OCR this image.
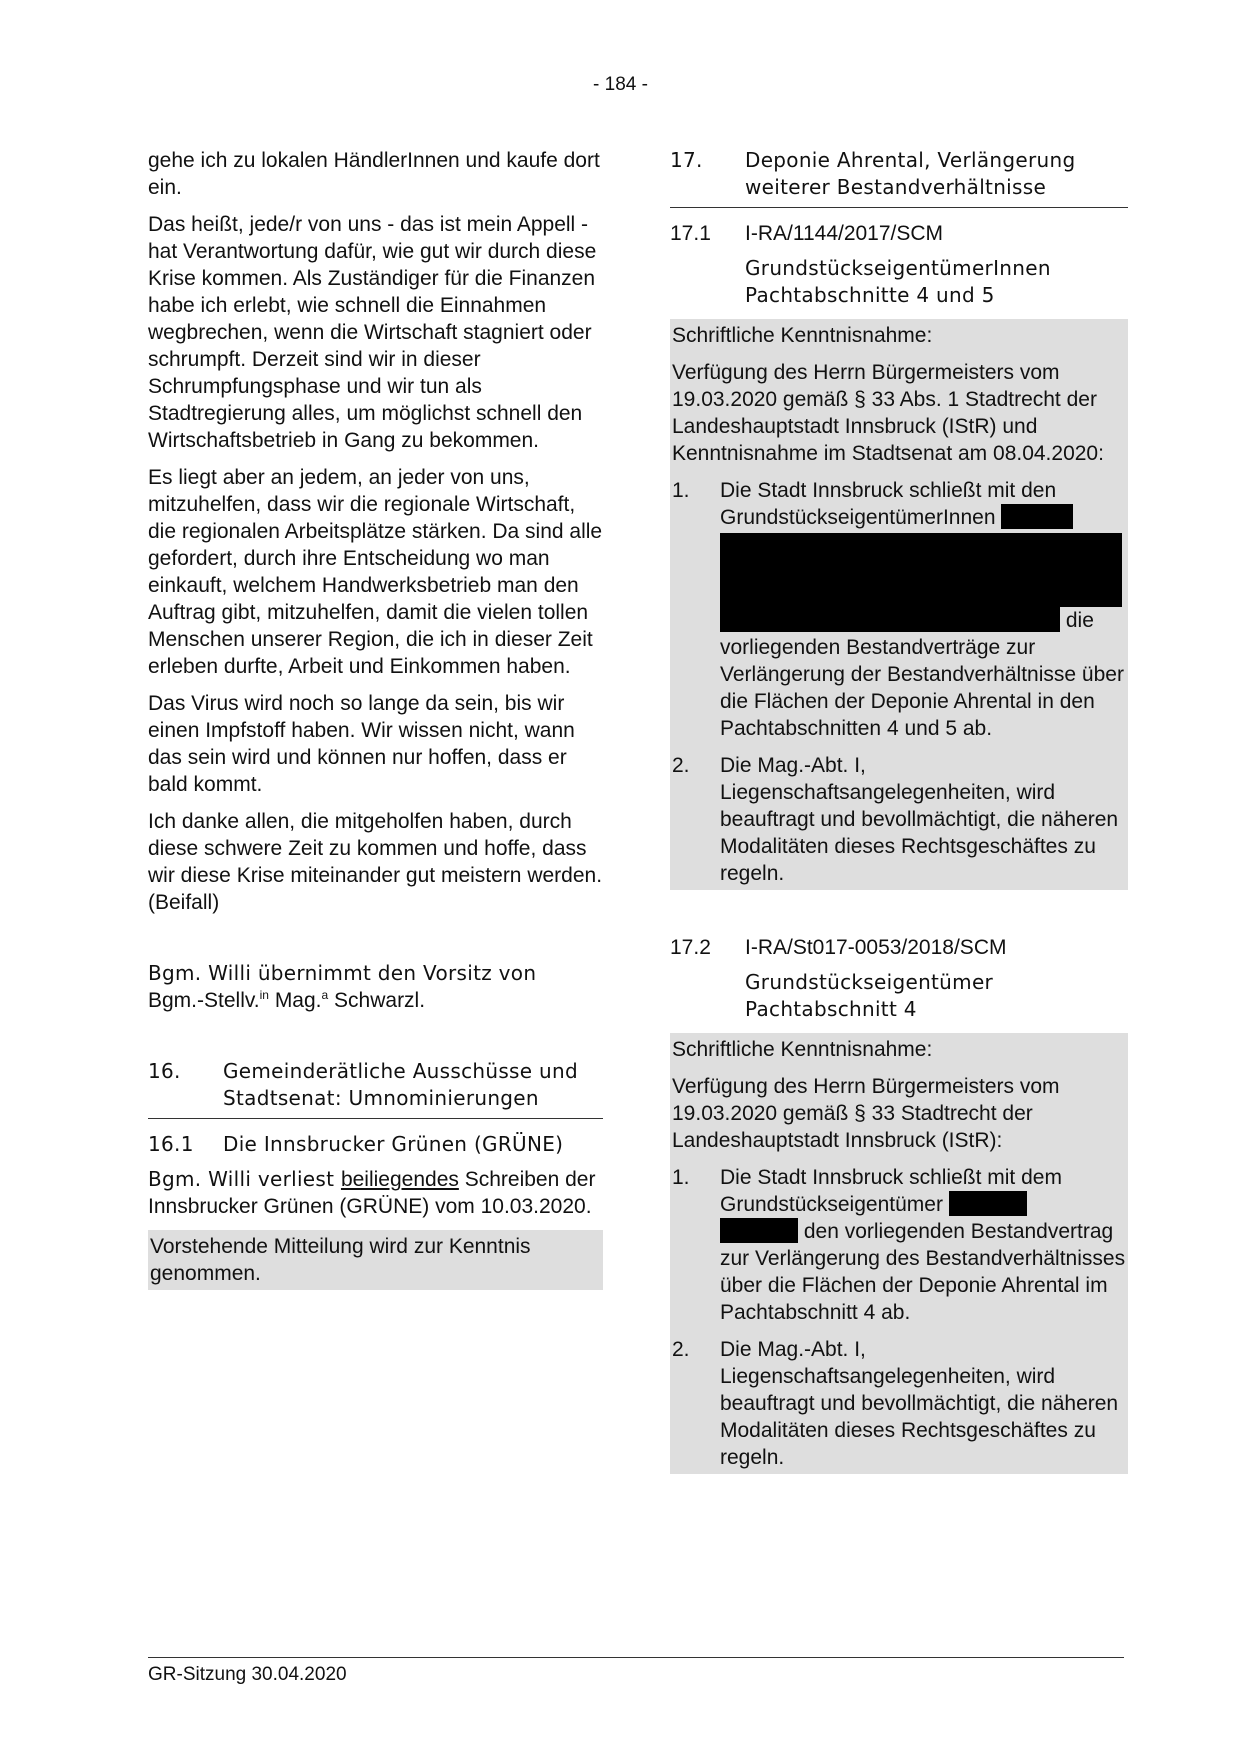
- 184 -

gehe ich zu lokalen HändlerInnen und kaufe dort ein.

Das heißt, jede/r von uns - das ist mein Appell - hat Verantwortung dafür, wie gut wir durch diese Krise kommen. Als Zuständiger für die Finanzen habe ich erlebt, wie schnell die Einnahmen wegbrechen, wenn die Wirtschaft stagniert oder schrumpft. Derzeit sind wir in dieser Schrumpfungsphase und wir tun als Stadtregierung alles, um möglichst schnell den Wirtschaftsbetrieb in Gang zu bekommen.

Es liegt aber an jedem, an jeder von uns, mitzuhelfen, dass wir die regionale Wirtschaft, die regionalen Arbeitsplätze stärken. Da sind alle gefordert, durch ihre Entscheidung wo man einkauft, welchem Handwerksbetrieb man den Auftrag gibt, mitzuhelfen, damit die vielen tollen Menschen unserer Region, die ich in dieser Zeit erleben durfte, Arbeit und Einkommen haben.

Das Virus wird noch so lange da sein, bis wir einen Impfstoff haben. Wir wissen nicht, wann das sein wird und können nur hoffen, dass er bald kommt.

Ich danke allen, die mitgeholfen haben, durch diese schwere Zeit zu kommen und hoffe, dass wir diese Krise miteinander gut meistern werden. (Beifall)

Bgm. Willi übernimmt den Vorsitz von
Bgm.-Stellv.$^{in}$ Mag.$^a$ Schwarzl.

16.	Gemeinderätliche Ausschüsse und Stadtsenat: Umnominierungen
16.1	Die Innsbrucker Grünen (GRÜNE)

Bgm. Willi verliest beiliegendes Schreiben der Innsbrucker Grünen (GRÜNE) vom 10.03.2020.

Vorstehende Mitteilung wird zur Kenntnis genommen.
17.	Deponie Ahrental, Verlängerung weiterer Bestandverhältnisse
17.1	I-RA/1144/2017/SCM

GrundstückseigentümerInnen Pachtabschnitte 4 und 5

Schriftliche Kenntnisnahme:

Verfügung des Herrn Bürgermeisters vom 19.03.2020 gemäß § 33 Abs. 1 Stadtrecht der Landeshauptstadt Innsbruck (IStR) und Kenntnisnahme im Stadtsenat am 08.04.2020:

1.	Die Stadt Innsbruck schließt mit den GrundstückseigentümerInnen

die vorliegenden Bestandverträge zur Verlängerung der Bestandverhältnisse über die Flächen der Deponie Ahrental in den Pachtabschnitten 4 und 5 ab.
2.	Die Mag.-Abt. I, Liegenschaftsangelegenheiten, wird beauftragt und bevollmächtigt, die näheren Modalitäten dieses Rechtsgeschäftes zu regeln.
17.2	I-RA/St017-0053/2018/SCM

Grundstückseigentümer Pachtabschnitt 4

Schriftliche Kenntnisnahme:

Verfügung des Herrn Bürgermeisters vom 19.03.2020 gemäß § 33 Stadtrecht der Landeshauptstadt Innsbruck (IStR):

1.	Die Stadt Innsbruck schließt mit dem Grundstückseigentümer
den vorliegenden Bestandvertrag zur Verlängerung des Bestandverhältnisses über die Flächen der Deponie Ahrental im Pachtabschnitt 4 ab.
2.	Die Mag.-Abt. I, Liegenschaftsangelegenheiten, wird beauftragt und bevollmächtigt, die näheren Modalitäten dieses Rechtsgeschäftes zu regeln.
GR-Sitzung 30.04.2020
